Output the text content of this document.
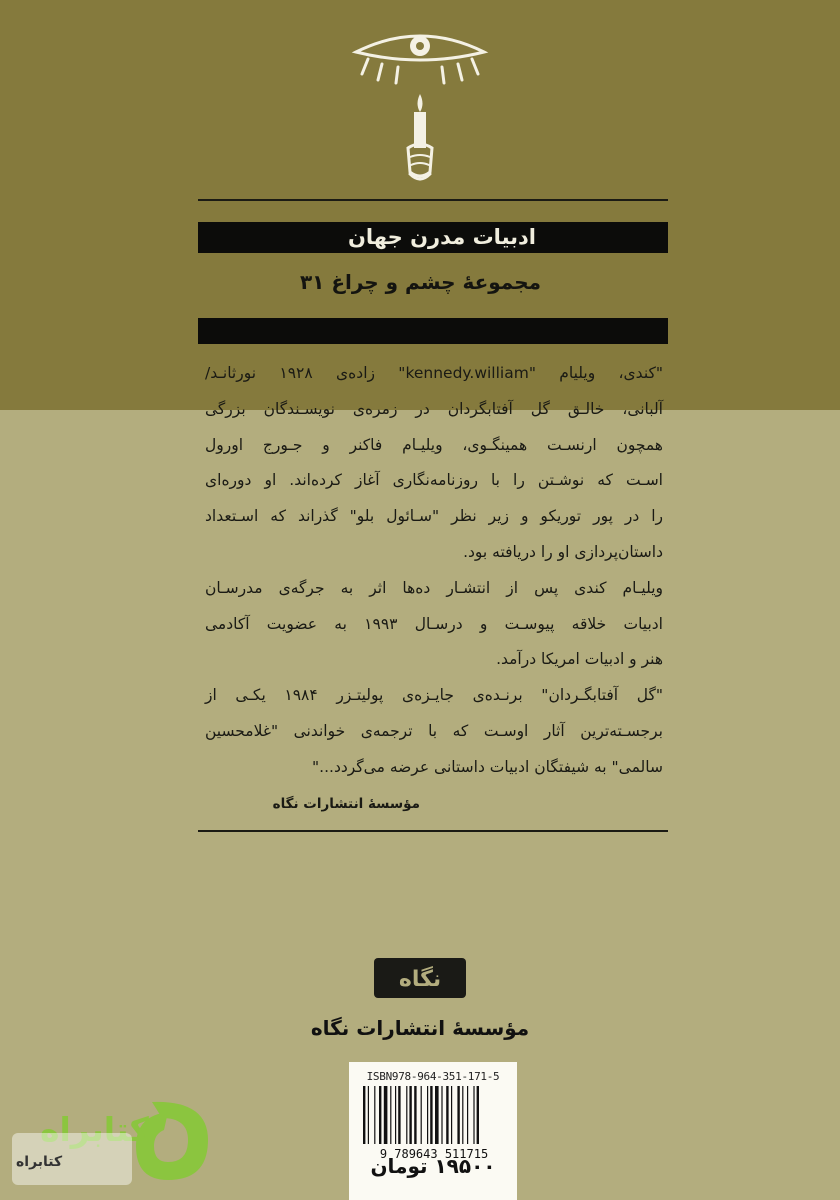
ادبیات مدرن جهان
مجموعهٔ چشم و چراغ ۳۱

"کندی، ویلیام "kennedy.william" زاده‌ی ۱۹۲۸ نورثانـد/

آلبانی، خالـق گل آفتابگردان در زمره‌ی نویسـندگان بزرگی

همچون ارنسـت همینگـوی، ویلیـام فاکنر و جـورج اورول

اسـت که نوشـتن را با روزنامه‌نگاری آغاز کرده‌اند. او دوره‌ای

را در پور توریکو و زیر نظر "سـائول بلو" گذراند که اسـتعداد

داستان‌پردازی او را دریافته بود.

ویلیـام کندی پس از انتشـار ده‌ها اثر به جرگه‌ی مدرسـان

ادبیات خلاقه پیوسـت و درسـال ۱۹۹۳ به عضویت آکادمی

هنر و ادبیات امریکا درآمد.

"گل آفتابگـردان" برنـده‌ی جایـزه‌ی پولیتـزر ۱۹۸۴ یکـی از

برجسـته‌ترین آثار اوسـت که با ترجمه‌ی خواندنی "غلامحسین

سالمی" به شیفتگان ادبیات داستانی عرضه می‌گردد..."

مؤسسهٔ انتشارات نگاه
نگاه
مؤسسهٔ انتشارات نگاه
ISBN978-964-351-171-5
9 789643 511715
۱۹۵۰۰ تومان
کتابراه
کتابراه
